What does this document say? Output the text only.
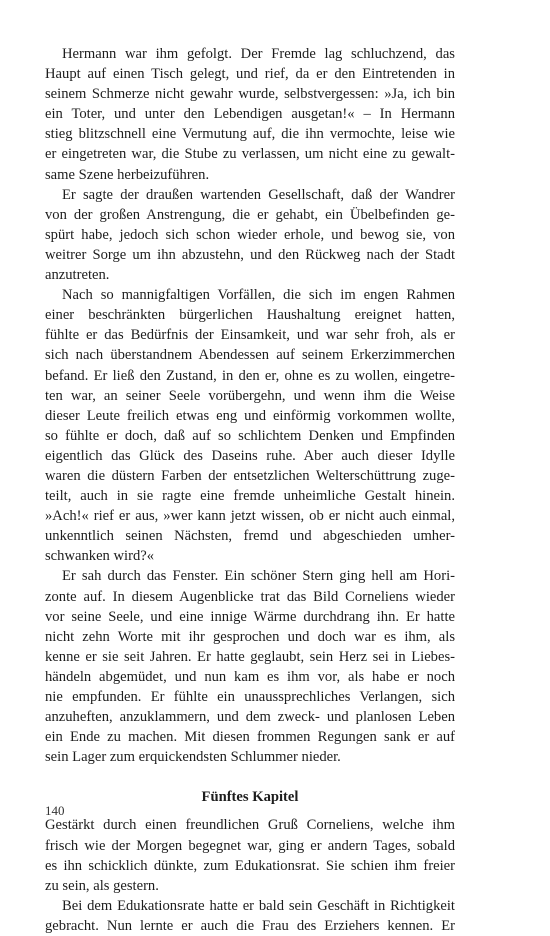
Hermann war ihm gefolgt. Der Fremde lag schluchzend, das
Haupt auf einen Tisch gelegt, und rief, da er den Eintretenden in
seinem Schmerze nicht gewahr wurde, selbstvergessen: »Ja, ich bin
ein Toter, und unter den Lebendigen ausgetan!« – In Hermann
stieg blitzschnell eine Vermutung auf, die ihn vermochte, leise wie
er eingetreten war, die Stube zu verlassen, um nicht eine zu gewalt-
same Szene herbeizuführen.
Er sagte der draußen wartenden Gesellschaft, daß der Wandrer
von der großen Anstrengung, die er gehabt, ein Übelbefinden ge-
spürt habe, jedoch sich schon wieder erhole, und bewog sie, von
weitrer Sorge um ihn abzustehn, und den Rückweg nach der Stadt
anzutreten.
Nach so mannigfaltigen Vorfällen, die sich im engen Rahmen
einer beschränkten bürgerlichen Haushaltung ereignet hatten,
fühlte er das Bedürfnis der Einsamkeit, und war sehr froh, als er
sich nach überstandnem Abendessen auf seinem Erkerzimmerchen
befand. Er ließ den Zustand, in den er, ohne es zu wollen, eingetre-
ten war, an seiner Seele vorübergehn, und wenn ihm die Weise
dieser Leute freilich etwas eng und einförmig vorkommen wollte,
so fühlte er doch, daß auf so schlichtem Denken und Empfinden
eigentlich das Glück des Daseins ruhe. Aber auch dieser Idylle
waren die düstern Farben der entsetzlichen Welterschüttrung zuge-
teilt, auch in sie ragte eine fremde unheimliche Gestalt hinein.
»Ach!« rief er aus, »wer kann jetzt wissen, ob er nicht auch einmal,
unkenntlich seinen Nächsten, fremd und abgeschieden umher-
schwanken wird?«
Er sah durch das Fenster. Ein schöner Stern ging hell am Hori-
zonte auf. In diesem Augenblicke trat das Bild Corneliens wieder
vor seine Seele, und eine innige Wärme durchdrang ihn. Er hatte
nicht zehn Worte mit ihr gesprochen und doch war es ihm, als
kenne er sie seit Jahren. Er hatte geglaubt, sein Herz sei in Liebes-
händeln abgemüdet, und nun kam es ihm vor, als habe er noch
nie empfunden. Er fühlte ein unaussprechliches Verlangen, sich
anzuheften, anzuklammern, und dem zweck- und planlosen Leben
ein Ende zu machen. Mit diesen frommen Regungen sank er auf
sein Lager zum erquickendsten Schlummer nieder.
Fünftes Kapitel
Gestärkt durch einen freundlichen Gruß Corneliens, welche ihm
frisch wie der Morgen begegnet war, ging er andern Tages, sobald
es ihn schicklich dünkte, zum Edukationsrat. Sie schien ihm freier
zu sein, als gestern.
Bei dem Edukationsrate hatte er bald sein Geschäft in Richtigkeit
gebracht. Nun lernte er auch die Frau des Erziehers kennen. Er
140
